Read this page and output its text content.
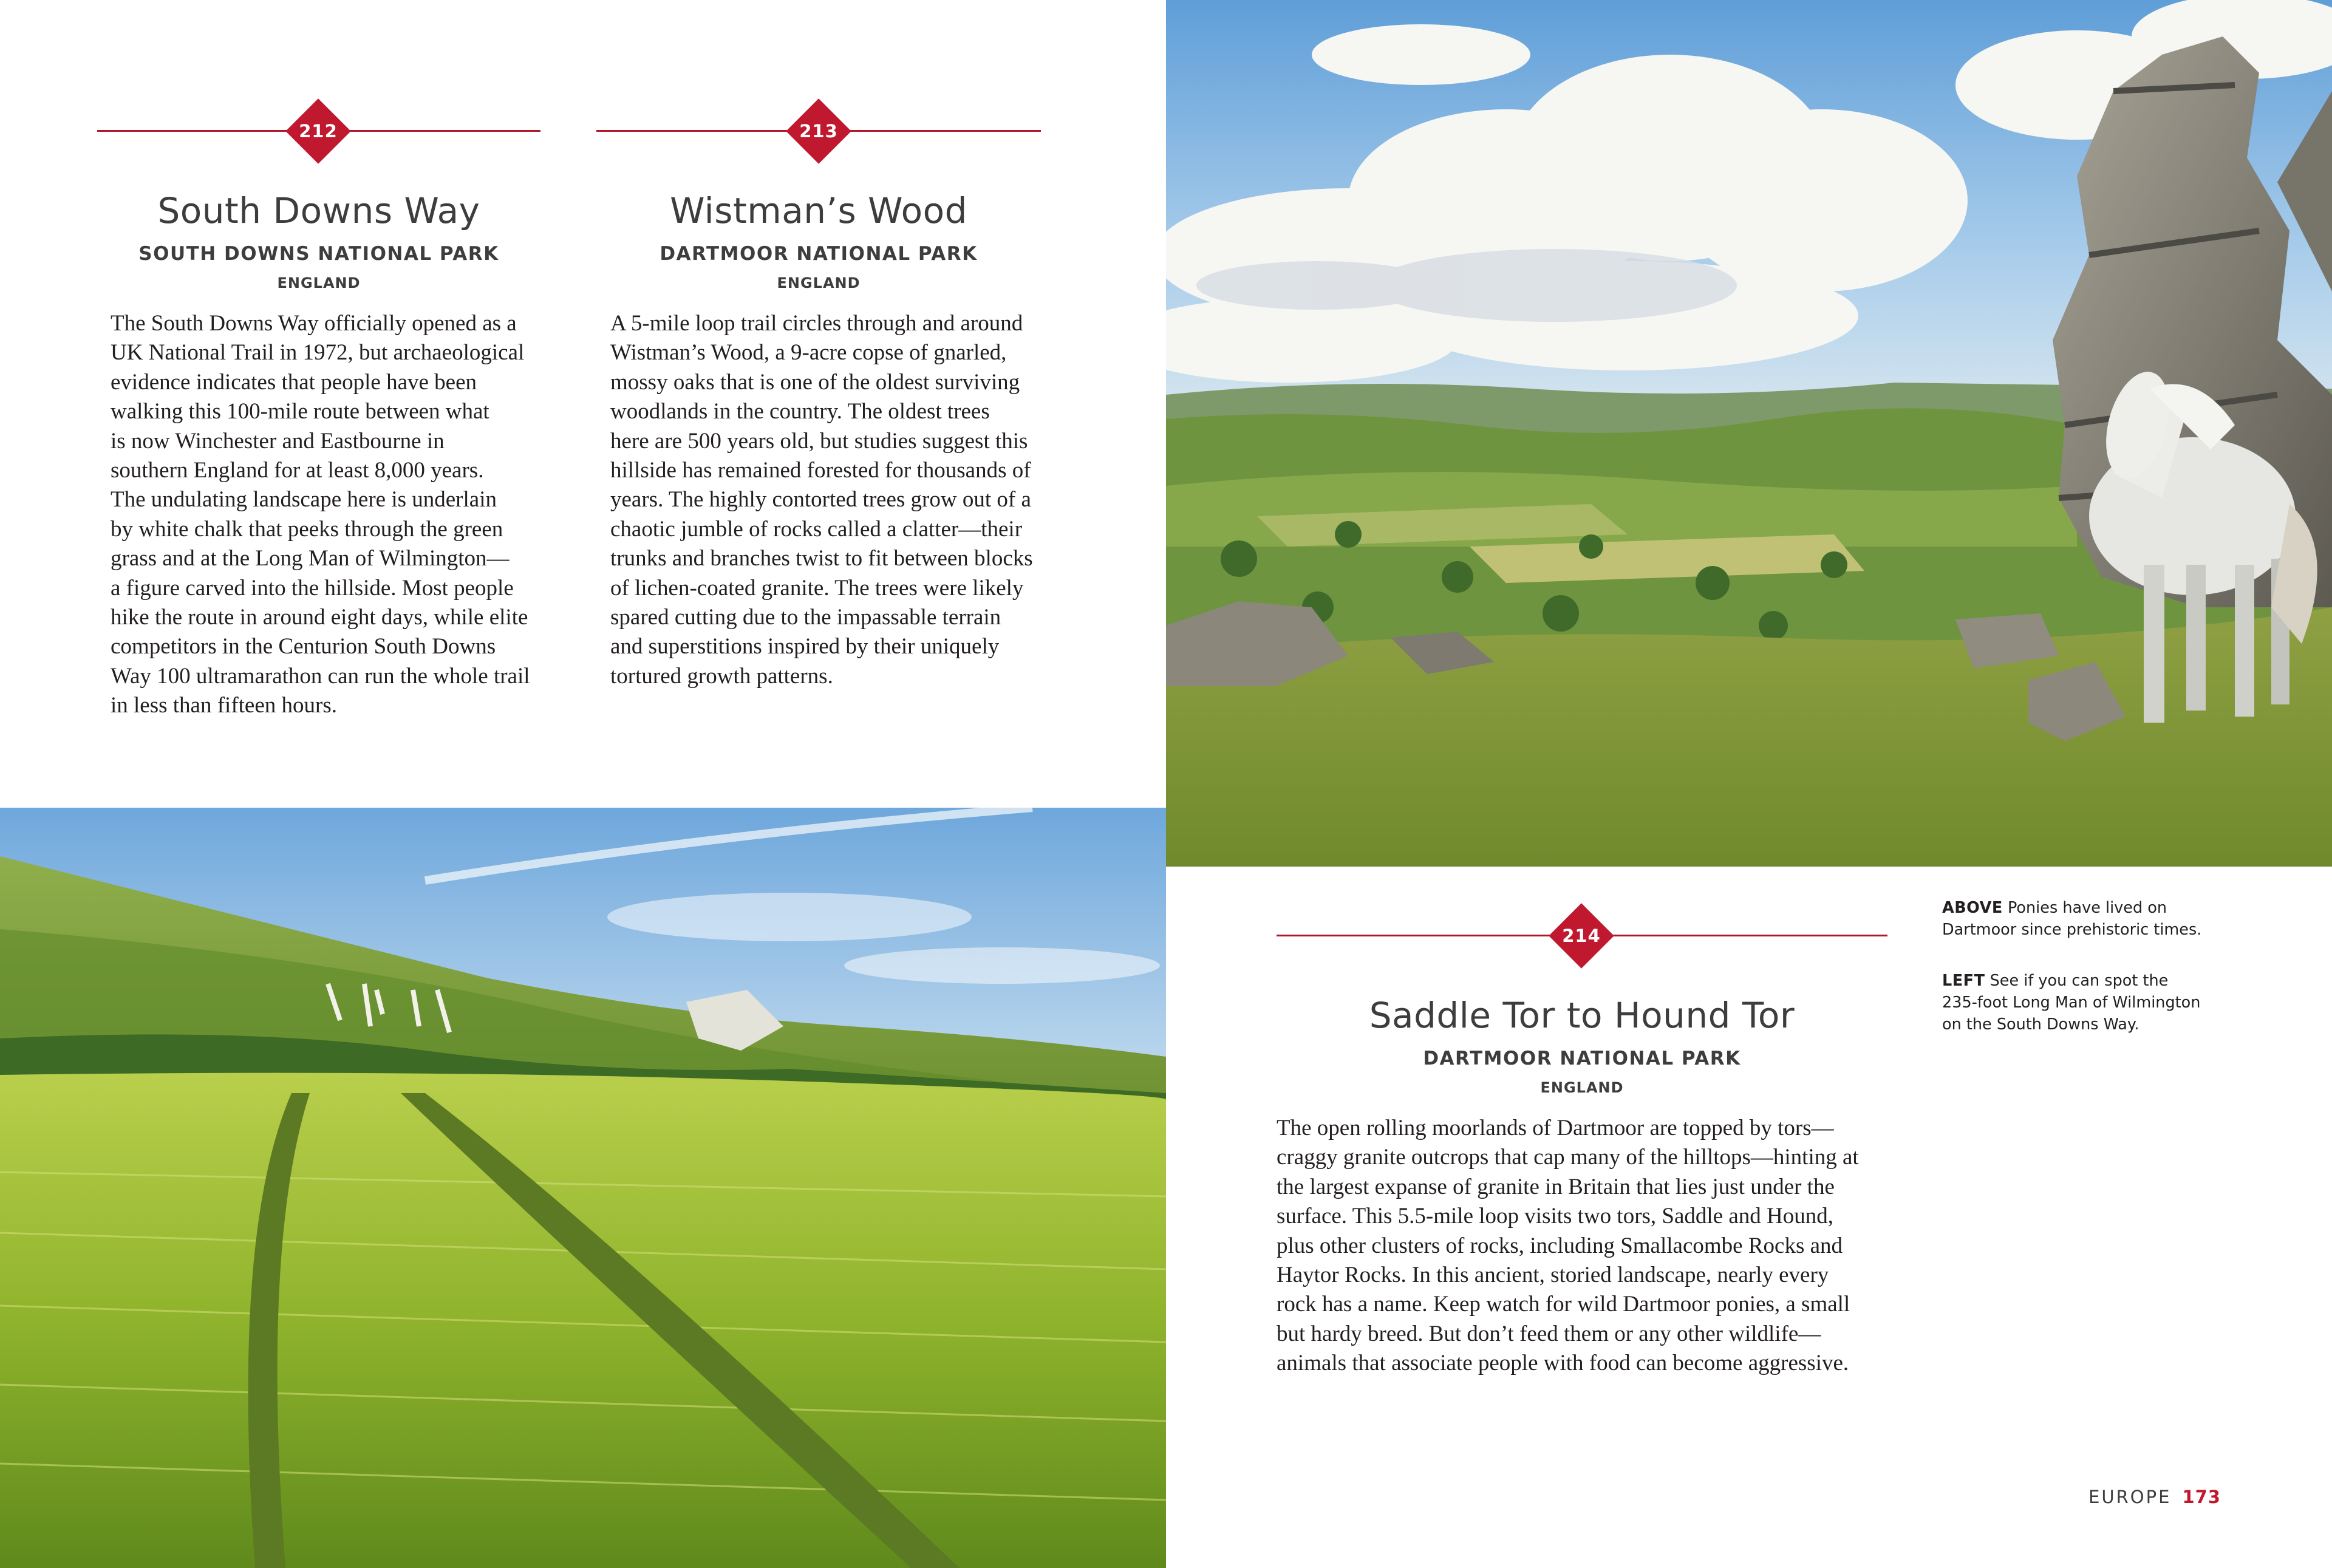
212
South Downs Way
SOUTH DOWNS NATIONAL PARK
ENGLAND
The South Downs Way officially opened as a
UK National Trail in 1972, but archaeological
evidence indicates that people have been
walking this 100-mile route between what
is now Winchester and Eastbourne in
southern England for at least 8,000 years.
The undulating landscape here is underlain
by white chalk that peeks through the green
grass and at the Long Man of Wilmington—
a figure carved into the hillside. Most people
hike the route in around eight days, while elite
competitors in the Centurion South Downs
Way 100 ultramarathon can run the whole trail
in less than fifteen hours.
213
Wistman’s Wood
DARTMOOR NATIONAL PARK
ENGLAND
A 5-mile loop trail circles through and around
Wistman’s Wood, a 9-acre copse of gnarled,
mossy oaks that is one of the oldest surviving
woodlands in the country. The oldest trees
here are 500 years old, but studies suggest this
hillside has remained forested for thousands of
years. The highly contorted trees grow out of a
chaotic jumble of rocks called a clatter—their
trunks and branches twist to fit between blocks
of lichen-coated granite. The trees were likely
spared cutting due to the impassable terrain
and superstitions inspired by their uniquely
tortured growth patterns.
214
Saddle Tor to Hound Tor
DARTMOOR NATIONAL PARK
ENGLAND
The open rolling moorlands of Dartmoor are topped by tors—
craggy granite outcrops that cap many of the hilltops—hinting at
the largest expanse of granite in Britain that lies just under the
surface. This 5.5-mile loop visits two tors, Saddle and Hound,
plus other clusters of rocks, including Smallacombe Rocks and
Haytor Rocks. In this ancient, storied landscape, nearly every
rock has a name. Keep watch for wild Dartmoor ponies, a small
but hardy breed. But don’t feed them or any other wildlife—
animals that associate people with food can become aggressive.
ABOVE Ponies have lived on
Dartmoor since prehistoric times.
LEFT See if you can spot the
235-foot Long Man of Wilmington
on the South Downs Way.
EUROPE 173
